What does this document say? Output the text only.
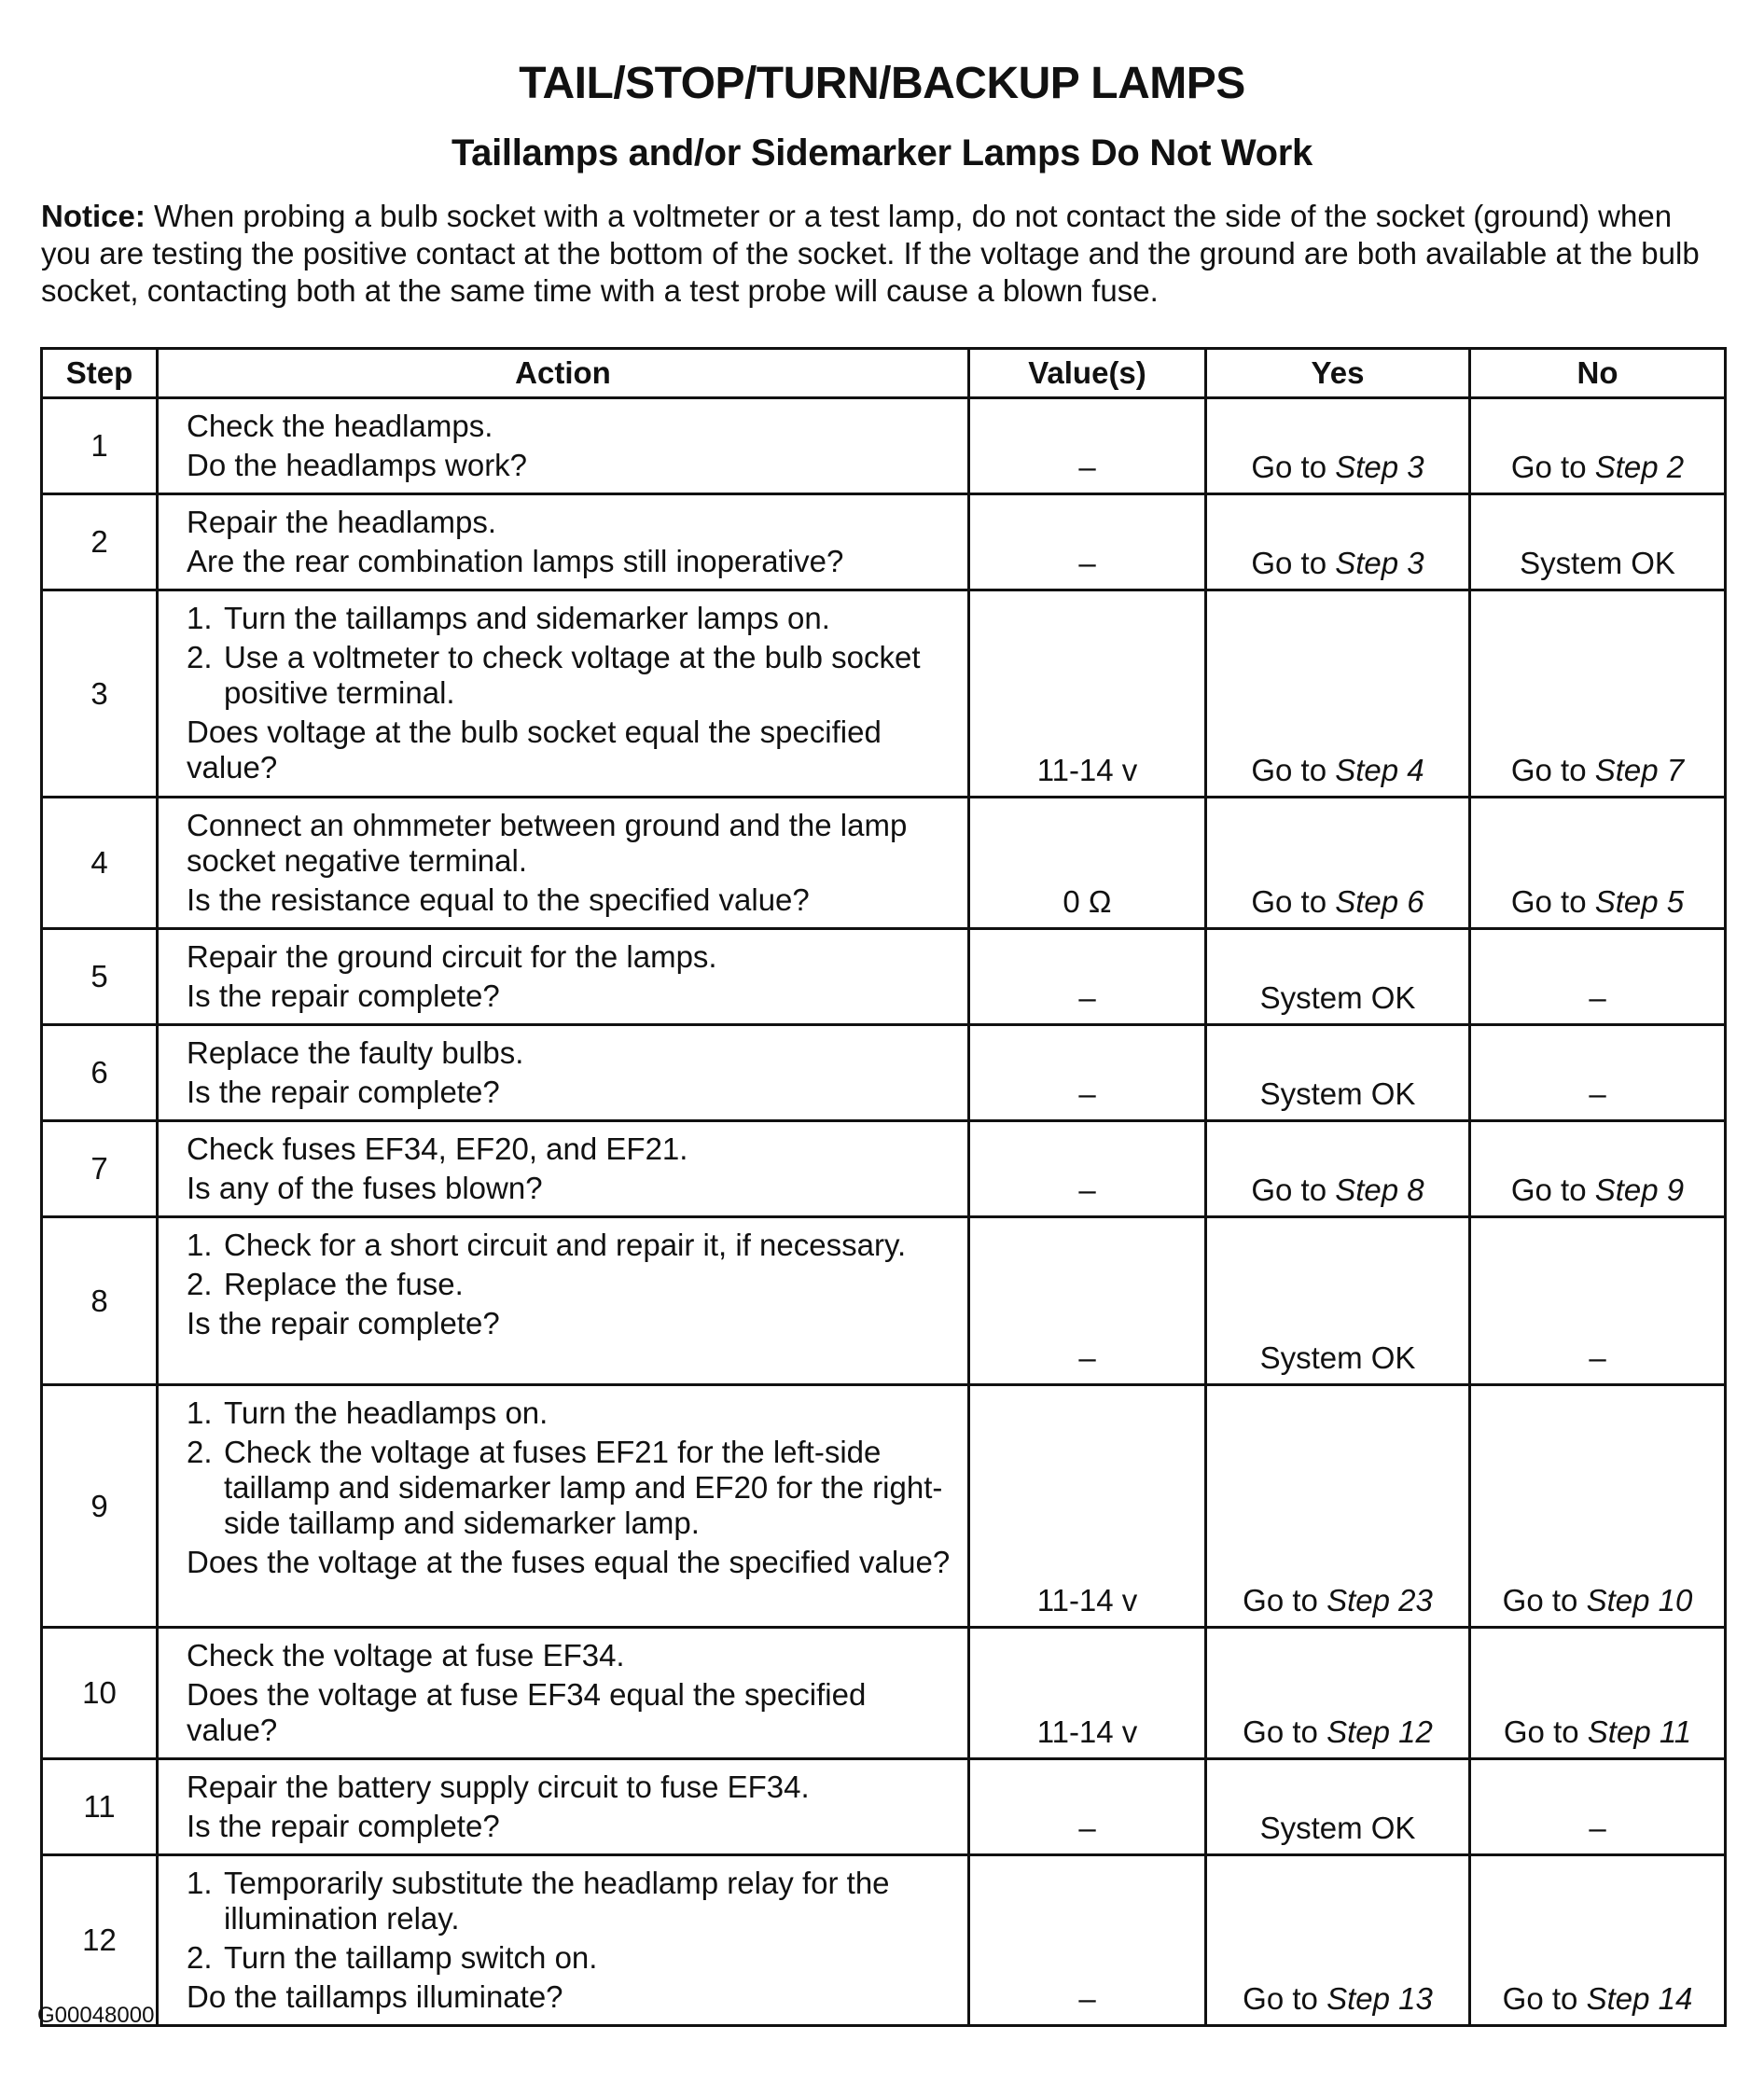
TAIL/STOP/TURN/BACKUP LAMPS
Taillamps and/or Sidemarker Lamps Do Not Work
Notice: When probing a bulb socket with a voltmeter or a test lamp, do not contact the side of the socket (ground) when you are testing the positive contact at the bottom of the socket. If the voltage and the ground are both available at the bulb socket, contacting both at the same time with a test probe will cause a blown fuse.
Step	Action	Value(s)	Yes	No
1	Check the headlamps.
Do the headlamps work?	–	Go to Step 3	Go to Step 2
2	Repair the headlamps.
Are the rear combination lamps still inoperative?	–	Go to Step 3	System OK
3	1. Turn the taillamps and sidemarker lamps on.
2. Use a voltmeter to check voltage at the bulb socket positive terminal.
Does voltage at the bulb socket equal the specified value?	11-14 v	Go to Step 4	Go to Step 7
4	Connect an ohmmeter between ground and the lamp socket negative terminal.
Is the resistance equal to the specified value?	0 Ω	Go to Step 6	Go to Step 5
5	Repair the ground circuit for the lamps.
Is the repair complete?	–	System OK	–
6	Replace the faulty bulbs.
Is the repair complete?	–	System OK	–
7	Check fuses EF34, EF20, and EF21.
Is any of the fuses blown?	–	Go to Step 8	Go to Step 9
8	1. Check for a short circuit and repair it, if necessary.
2. Replace the fuse.
Is the repair complete?	–	System OK	–
9	1. Turn the headlamps on.
2. Check the voltage at fuses EF21 for the left-side taillamp and sidemarker lamp and EF20 for the right-side taillamp and sidemarker lamp.
Does the voltage at the fuses equal the specified value?	11-14 v	Go to Step 23	Go to Step 10
10	Check the voltage at fuse EF34.
Does the voltage at fuse EF34 equal the specified value?	11-14 v	Go to Step 12	Go to Step 11
11	Repair the battery supply circuit to fuse EF34.
Is the repair complete?	–	System OK	–
12	1. Temporarily substitute the headlamp relay for the illumination relay.
2. Turn the taillamp switch on.
Do the taillamps illuminate?	–	Go to Step 13	Go to Step 14
G00048000
